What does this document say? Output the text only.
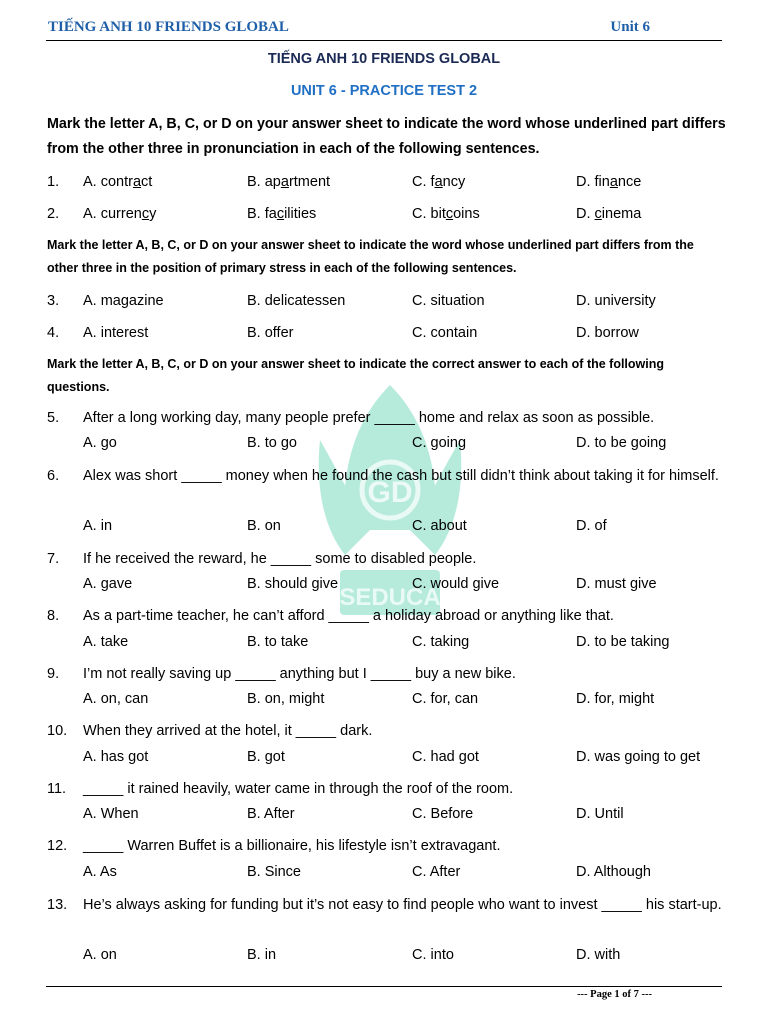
TIẾNG ANH 10 FRIENDS GLOBAL	Unit 6
GD
SEDUCA
TIẾNG ANH 10 FRIENDS GLOBAL
UNIT 6 - PRACTICE TEST 2
Mark the letter A, B, C, or D on your answer sheet to indicate the word whose underlined part differs from the other three in pronunciation in each of the following sentences.
1. A. contract	B. apartment	C. fancy	D. finance
2. A. currency	B. facilities	C. bitcoins	D. cinema
Mark the letter A, B, C, or D on your answer sheet to indicate the word whose underlined part differs from the other three in the position of primary stress in each of the following sentences.
3. A. magazine	B. delicatessen	C. situation	D. university
4. A. interest	B. offer	C. contain	D. borrow
Mark the letter A, B, C, or D on your answer sheet to indicate the correct answer to each of the following questions.
5. After a long working day, many people prefer _____ home and relax as soon as possible.
A. go	B. to go	C. going	D. to be going
6. Alex was short _____ money when he found the cash but still didn’t think about taking it for himself.
A. in	B. on	C. about	D. of
7. If he received the reward, he _____ some to disabled people.
A. gave	B. should give	C. would give	D. must give
8. As a part-time teacher, he can’t afford _____ a holiday abroad or anything like that.
A. take	B. to take	C. taking	D. to be taking
9. I’m not really saving up _____ anything but I _____ buy a new bike.
A. on, can	B. on, might	C. for, can	D. for, might
10. When they arrived at the hotel, it _____ dark.
A. has got	B. got	C. had got	D. was going to get
11. _____ it rained heavily, water came in through the roof of the room.
A. When	B. After	C. Before	D. Until
12. _____ Warren Buffet is a billionaire, his lifestyle isn’t extravagant.
A. As	B. Since	C. After	D. Although
13. He’s always asking for funding but it’s not easy to find people who want to invest _____ his start-up.
A. on	B. in	C. into	D. with
--- Page 1 of 7 ---
